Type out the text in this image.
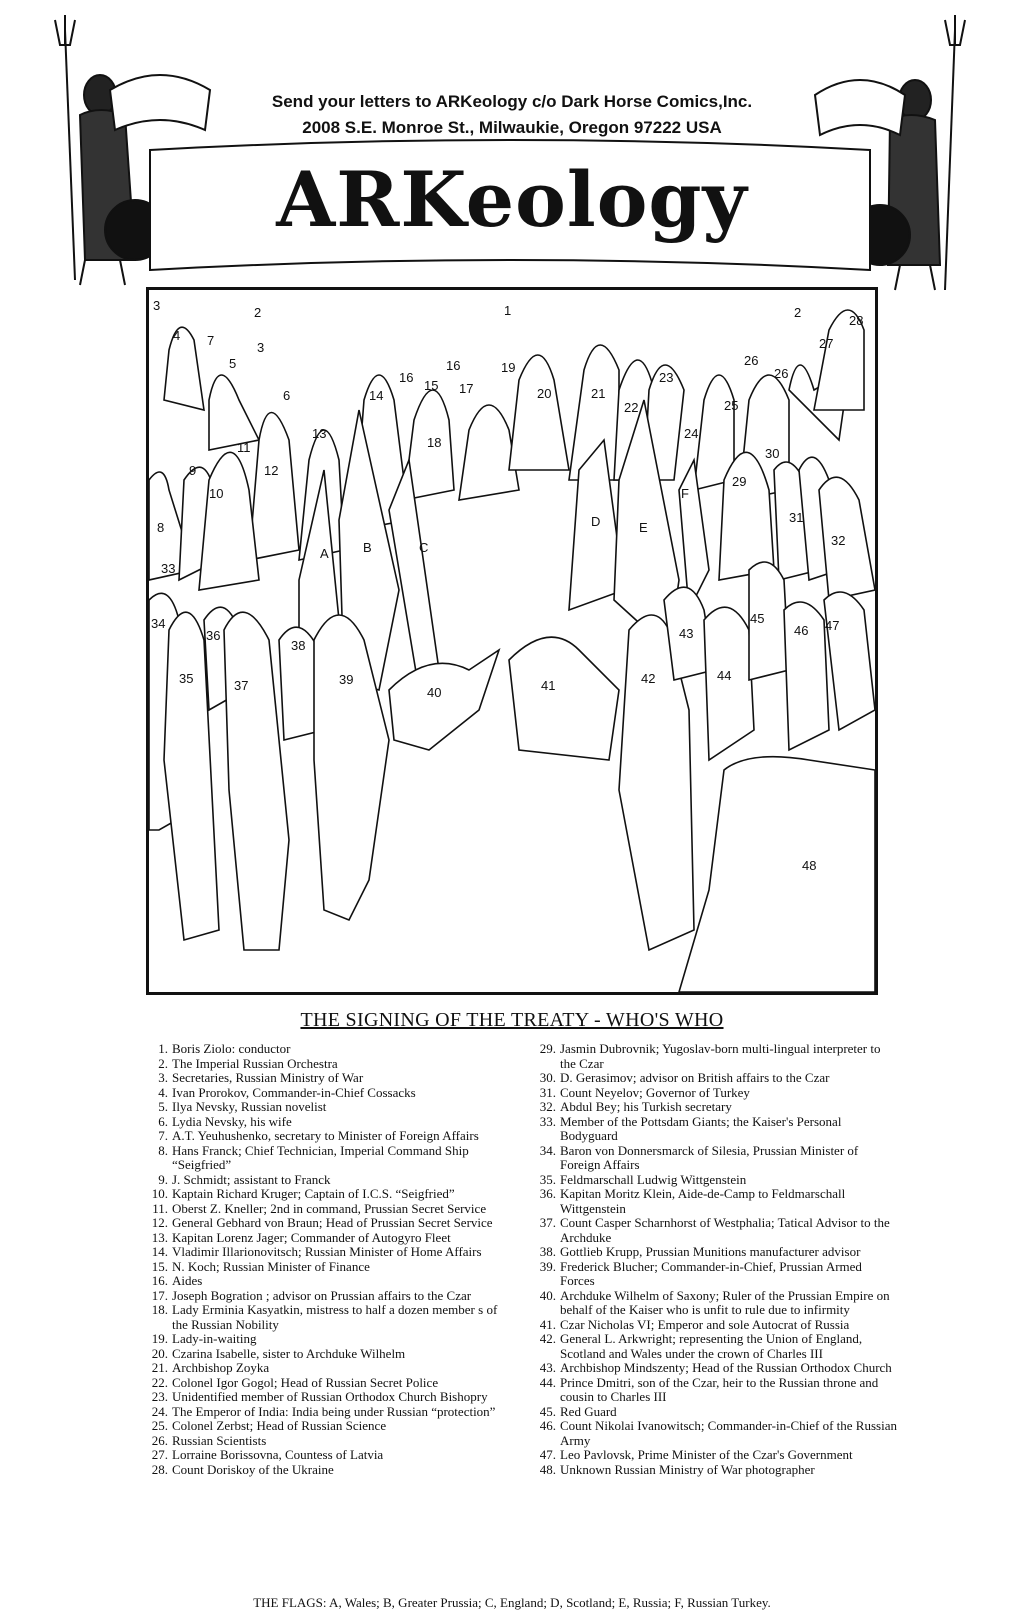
Send your letters to ARKeology c/o Dark Horse Comics,Inc.
2008 S.E. Monroe St., Milwaukie, Oregon 97222 USA
ARKeology
1
2	2
3
3
4
5
6
7
8
9
10
11
12
13
14
15
16
16
17
18
19
20	21
22
23
24
25
26
26
27
28
29
30
31
32
33
34
35
36
37
38
39
40	41	42
43
44
45
46 47
48
A	B	C
D	E
F
THE SIGNING OF THE TREATY - WHO'S WHO
1. Boris Ziolo: conductor
2. The Imperial Russian Orchestra
3. Secretaries, Russian Ministry of War
4. Ivan Prorokov, Commander-in-Chief Cossacks
5. Ilya Nevsky, Russian novelist
6. Lydia Nevsky, his wife
7. A.T. Yeuhushenko, secretary to Minister of Foreign Affairs
8. Hans Franck; Chief Technician, Imperial Command Ship “Seigfried”
9. J. Schmidt; assistant to Franck
10. Kaptain Richard Kruger; Captain of I.C.S. “Seigfried”
11. Oberst Z. Kneller; 2nd in command, Prussian Secret Service
12. General Gebhard von Braun; Head of Prussian Secret Service
13. Kapitan Lorenz Jager; Commander of Autogyro Fleet
14. Vladimir Illarionovitsch; Russian Minister of Home Affairs
15. N. Koch; Russian Minister of Finance
16. Aides
17. Joseph Bogration ; advisor on Prussian affairs to the Czar
18. Lady Erminia Kasyatkin, mistress to half a dozen member s of the Russian Nobility
19. Lady-in-waiting
20. Czarina Isabelle, sister to Archduke Wilhelm
21. Archbishop Zoyka
22. Colonel Igor Gogol; Head of Russian Secret Police
23. Unidentified member of Russian Orthodox Church Bishopry
24. The Emperor of India: India being under Russian “protection”
25. Colonel Zerbst; Head of Russian Science
26. Russian Scientists
27. Lorraine Borissovna, Countess of Latvia
28. Count Doriskoy of the Ukraine
29. Jasmin Dubrovnik; Yugoslav-born multi-lingual interpreter to the Czar
30. D. Gerasimov; advisor on British affairs to the Czar
31. Count Neyelov; Governor of Turkey
32. Abdul Bey; his Turkish secretary
33. Member of the Pottsdam Giants; the Kaiser's Personal Bodyguard
34. Baron von Donnersmarck of Silesia, Prussian Minister of Foreign Affairs
35. Feldmarschall Ludwig Wittgenstein
36. Kapitan Moritz Klein, Aide-de-Camp to Feldmarschall Wittgenstein
37. Count Casper Scharnhorst of Westphalia; Tatical Advisor to the Archduke
38. Gottlieb Krupp, Prussian Munitions manufacturer advisor
39. Frederick Blucher; Commander-in-Chief, Prussian Armed Forces
40. Archduke Wilhelm of Saxony; Ruler of the Prussian Empire on behalf of the Kaiser who is unfit to rule due to infirmity
41. Czar Nicholas VI; Emperor and sole Autocrat of Russia
42. General L. Arkwright; representing the Union of England, Scotland and Wales under the crown of Charles III
43. Archbishop Mindszenty; Head of the Russian Orthodox Church
44. Prince Dmitri, son of the Czar, heir to the Russian throne and cousin to Charles III
45. Red Guard
46. Count Nikolai Ivanowitsch; Commander-in-Chief of the Russian Army
47. Leo Pavlovsk, Prime Minister of the Czar's Government
48. Unknown Russian Ministry of War photographer
THE FLAGS: A, Wales; B, Greater Prussia; C, England; D, Scotland; E, Russia; F, Russian Turkey.
